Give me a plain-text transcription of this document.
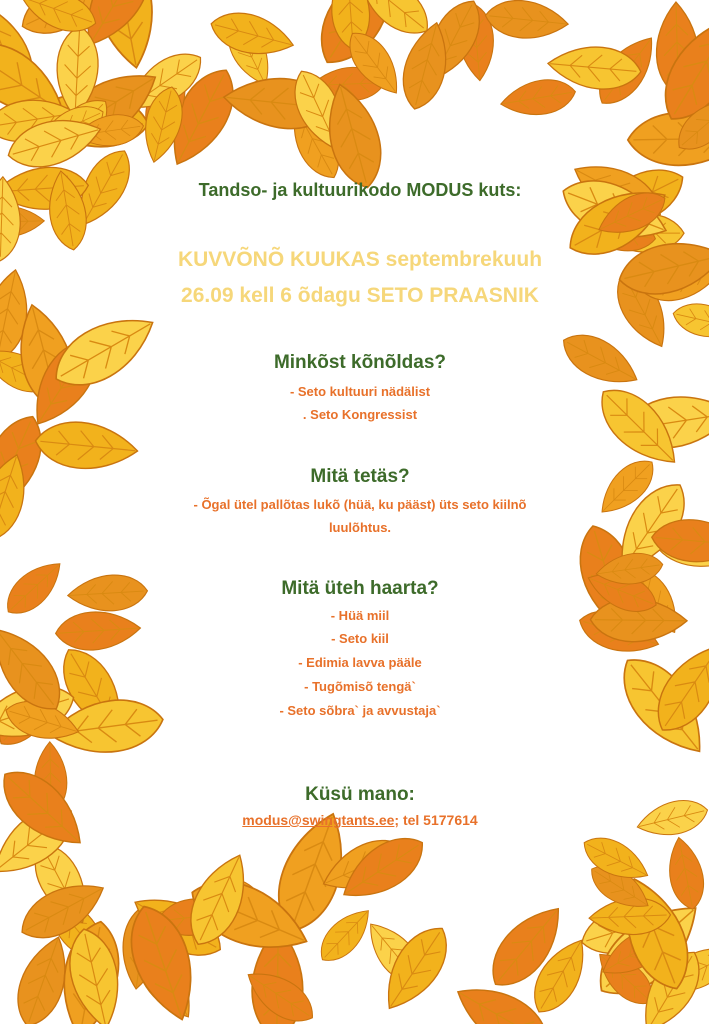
Tandso- ja kultuurikodo MODUS kuts:

KUVVÕNÕ KUUKAS septembrekuuh

26.09 kell 6 õdagu SETO PRAASNIK

Minkõst kõnõldas?

- Seto kultuuri nädälist

. Seto Kongressist

Mitä tetäs?

- Õgal ütel pallõtas lukõ (hüä, ku pääst) üts seto kiilnõ

luulõhtus.

Mitä üteh haarta?

- Hüä miil

- Seto kiil

- Edimia lavva pääle

- Tugõmisõ tengä`

- Seto sõbra` ja avvustaja`

Küsü mano:

modus@swingtants.ee; tel 5177614
